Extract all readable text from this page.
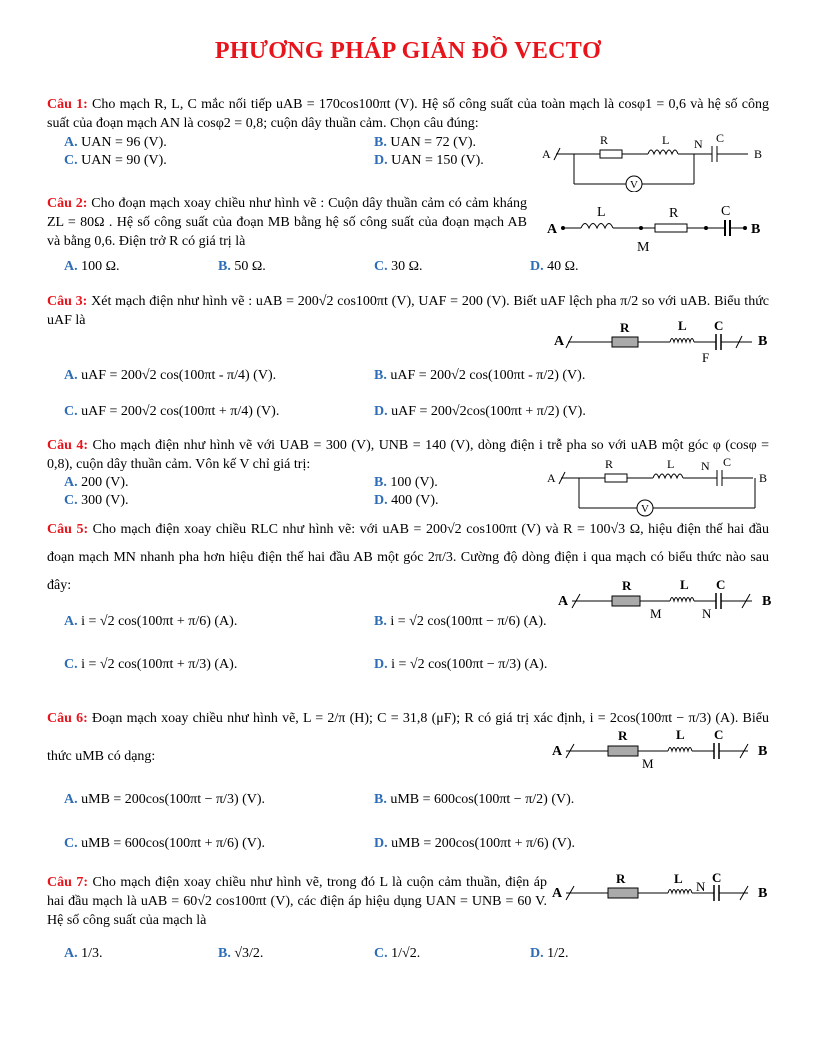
PHƯƠNG PHÁP GIẢN ĐỒ VECTƠ
Câu 1: Cho mạch R, L, C mắc nối tiếp uAB = 170cos100πt (V). Hệ số công suất của toàn mạch là cosφ1 = 0,6 và hệ số công suất của đoạn mạch AN là cosφ2 = 0,8; cuộn dây thuần cảm. Chọn câu đúng:
A. UAN = 96 (V).	B. UAN = 72 (V).
C. UAN = 90 (V).	D. UAN = 150 (V).	A
R	L N C
B
V
Câu 2: Cho đoạn mạch xoay chiều như hình vẽ : Cuộn dây thuần cảm có cảm kháng ZL = 80Ω . Hệ số công suất của đoạn MB bằng hệ số công suất của đoạn mạch AB và bằng 0,6. Điện trở R có giá trị là
A. 100 Ω.	B. 50 Ω.	C. 30 Ω.	D. 40 Ω.
A
L
M
R	C
B
Câu 3: Xét mạch điện như hình vẽ : uAB = 200√2 cos100πt (V), UAF = 200 (V). Biết uAF lệch pha π/2 so với uAB. Biểu thức uAF là
A. uAF = 200√2 cos(100πt - π/4) (V).	B. uAF = 200√2 cos(100πt - π/2) (V).
C. uAF = 200√2 cos(100πt + π/4) (V).	D. uAF = 200√2cos(100πt + π/2) (V).
A
R	L
F
C
B
Câu 4: Cho mạch điện như hình vẽ với UAB = 300 (V), UNB = 140 (V), dòng điện i trễ pha so với uAB một góc φ (cosφ = 0,8), cuộn dây thuần cảm. Vôn kế V chỉ giá trị:
A. 200 (V).	B. 100 (V).
C. 300 (V).	D. 400 (V).
A
R	L N C
B
V
Câu 5: Cho mạch điện xoay chiều RLC như hình vẽ: với uAB = 200√2 cos100πt (V) và R = 100√3 Ω, hiệu điện thế hai đầu đoạn mạch MN nhanh pha hơn hiệu điện thế hai đầu AB một góc 2π/3. Cường độ dòng điện i qua mạch có biểu thức nào sau đây:
A. i = √2 cos(100πt + π/6) (A).	B. i = √2 cos(100πt − π/6) (A).
C. i = √2 cos(100πt + π/3) (A).	D. i = √2 cos(100πt − π/3) (A).
A
R
M
L
N
C
B
Câu 6: Đoạn mạch xoay chiều như hình vẽ, L = 2/π (H); C = 31,8 (μF); R có giá trị xác định, i = 2cos(100πt − π/3) (A). Biểu thức uMB có dạng:
A. uMB = 200cos(100πt − π/3) (V).	B. uMB = 600cos(100πt − π/2) (V).
C. uMB = 600cos(100πt + π/6) (V).	D. uMB = 200cos(100πt + π/6) (V).
A
R
M
L C
B
Câu 7: Cho mạch điện xoay chiều như hình vẽ, trong đó L là cuộn cảm thuần, điện áp hai đầu mạch là uAB = 60√2 cos100πt (V), các điện áp hiệu dụng UAN = UNB = 60 V. Hệ số công suất của mạch là
A. 1/3.	B. √3/2.	C. 1/√2.	D. 1/2.
A
R	L
N
C
B
